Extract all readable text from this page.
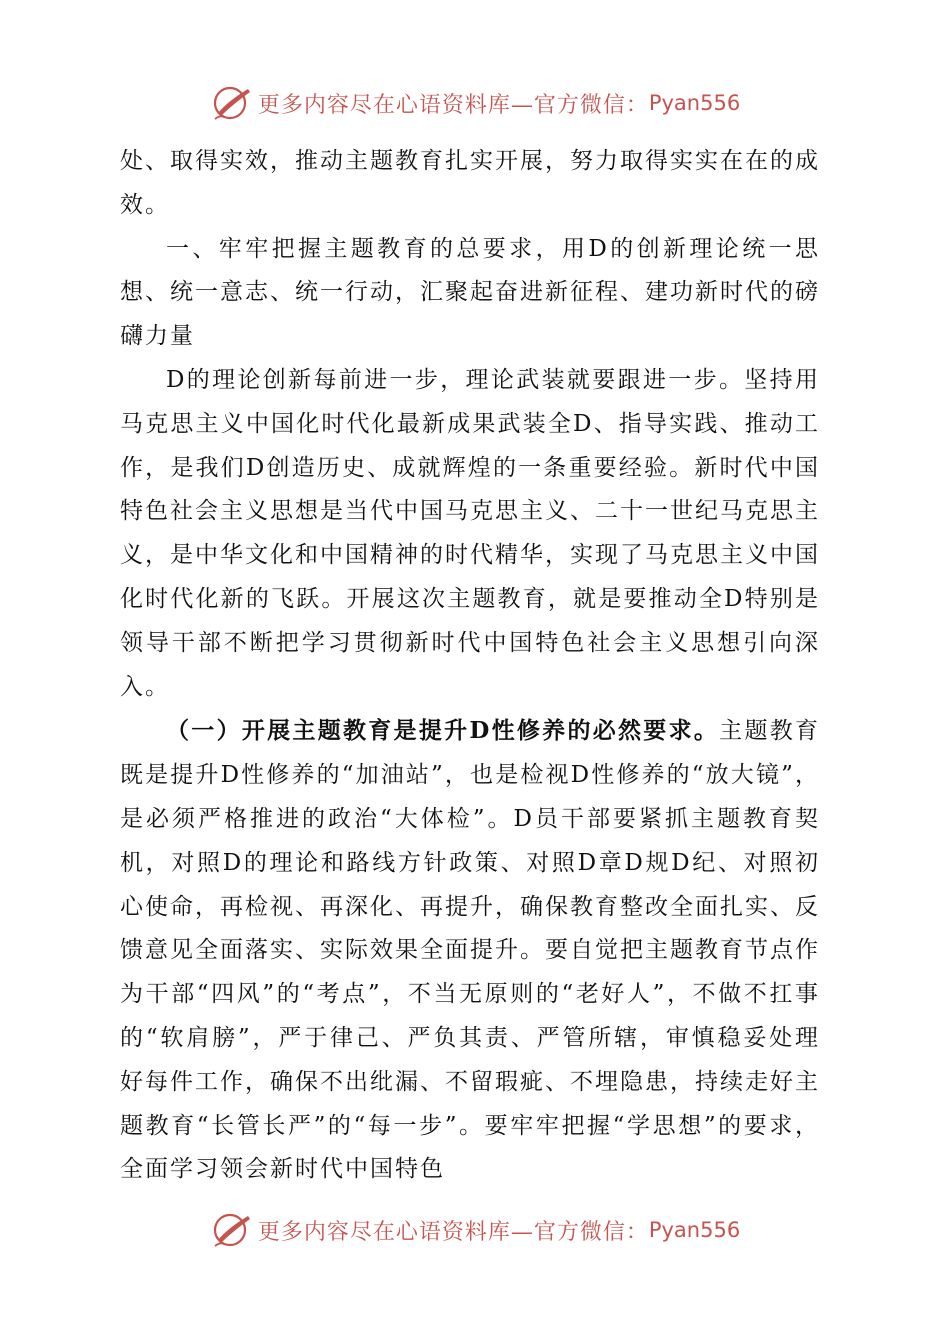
更多内容尽在心语资料库—官方微信： Pyan556

处、取得实效，推动主题教育扎实开展，努力取得实实在在的成效。

一、牢牢把握主题教育的总要求，用D的创新理论统一思想、统一意志、统一行动，汇聚起奋进新征程、建功新时代的磅礴力量

D的理论创新每前进一步，理论武装就要跟进一步。坚持用马克思主义中国化时代化最新成果武装全D、指导实践、推动工作，是我们D创造历史、成就辉煌的一条重要经验。新时代中国特色社会主义思想是当代中国马克思主义、二十一世纪马克思主义，是中华文化和中国精神的时代精华，实现了马克思主义中国化时代化新的飞跃。开展这次主题教育，就是要推动全D特别是领导干部不断把学习贯彻新时代中国特色社会主义思想引向深入。

（一）开展主题教育是提升D性修养的必然要求。主题教育既是提升D性修养的“加油站”，也是检视D性修养的“放大镜”，是必须严格推进的政治“大体检”。D员干部要紧抓主题教育契机，对照D的理论和路线方针政策、对照D章D规D纪、对照初心使命，再检视、再深化、再提升，确保教育整改全面扎实、反馈意见全面落实、实际效果全面提升。要自觉把主题教育节点作为干部“四风”的“考点”，不当无原则的“老好人”，不做不扛事的“软肩膀”，严于律己、严负其责、严管所辖，审慎稳妥处理好每件工作，确保不出纰漏、不留瑕疵、不埋隐患，持续走好主题教育“长管长严”的“每一步”。要牢牢把握“学思想”的要求，全面学习领会新时代中国特色

更多内容尽在心语资料库—官方微信： Pyan556
